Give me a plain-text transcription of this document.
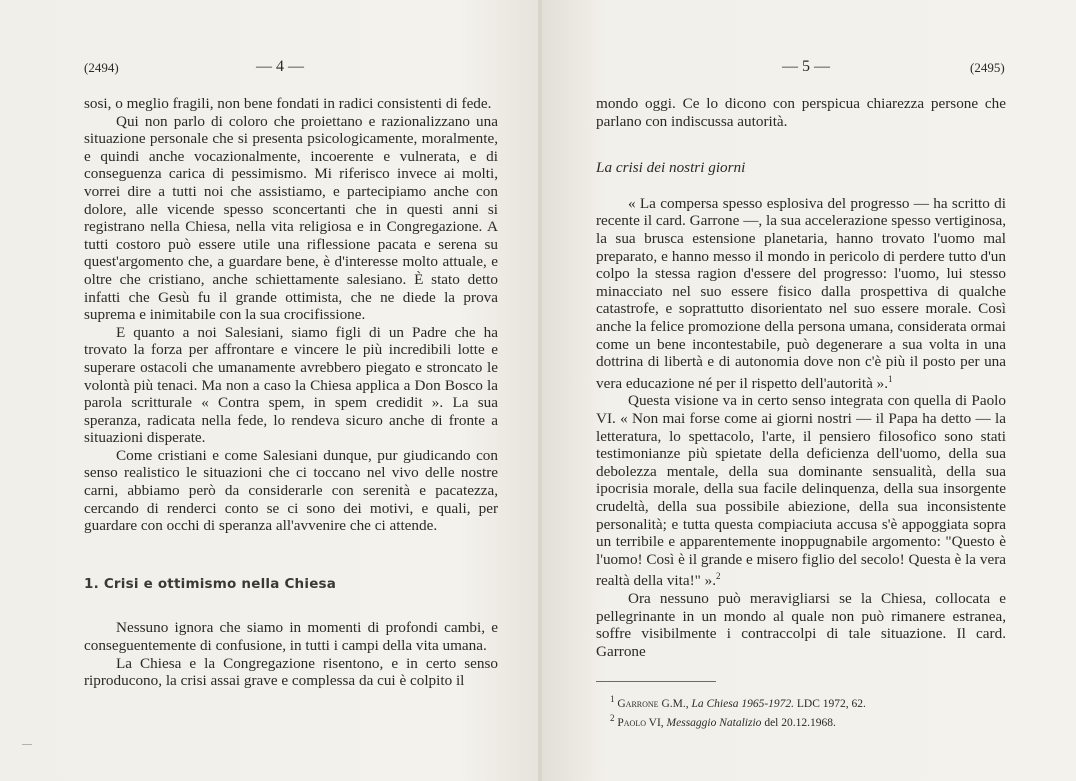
(2494)	— 4 —

sosi, o meglio fragili, non bene fondati in radici consistenti di fede.

Qui non parlo di coloro che proiettano e razionalizzano una situazione personale che si presenta psicologicamente, moralmente, e quindi anche vocazionalmente, incoerente e vulnerata, e di conseguenza carica di pessimismo. Mi riferisco invece ai molti, vorrei dire a tutti noi che assistiamo, e partecipiamo anche con dolore, alle vicende spesso sconcertanti che in questi anni si registrano nella Chiesa, nella vita religiosa e in Congregazione. A tutti costoro può essere utile una riflessione pacata e serena su quest'argomento che, a guardare bene, è d'interesse molto attuale, e oltre che cristiano, anche schiettamente salesiano. È stato detto infatti che Gesù fu il grande ottimista, che ne diede la prova suprema e inimitabile con la sua crocifissione.

E quanto a noi Salesiani, siamo figli di un Padre che ha trovato la forza per affrontare e vincere le più incredibili lotte e superare ostacoli che umanamente avrebbero piegato e stroncato le volontà più tenaci. Ma non a caso la Chiesa applica a Don Bosco la parola scritturale « Contra spem, in spem credidit ». La sua speranza, radicata nella fede, lo rendeva sicuro anche di fronte a situazioni disperate.

Come cristiani e come Salesiani dunque, pur giudicando con senso realistico le situazioni che ci toccano nel vivo delle nostre carni, abbiamo però da considerarle con serenità e pacatezza, cercando di renderci conto se ci sono dei motivi, e quali, per guardare con occhi di speranza all'avvenire che ci attende.

1. Crisi e ottimismo nella Chiesa

Nessuno ignora che siamo in momenti di profondi cambi, e conseguentemente di confusione, in tutti i campi della vita umana.

La Chiesa e la Congregazione risentono, e in certo senso riproducono, la crisi assai grave e complessa da cui è colpito il

— 5 —	(2495)

mondo oggi. Ce lo dicono con perspicua chiarezza persone che parlano con indiscussa autorità.

La crisi dei nostri giorni

« La compersa spesso esplosiva del progresso — ha scritto di recente il card. Garrone —, la sua accelerazione spesso vertiginosa, la sua brusca estensione planetaria, hanno trovato l'uomo mal preparato, e hanno messo il mondo in pericolo di perdere tutto d'un colpo la stessa ragion d'essere del progresso: l'uomo, lui stesso minacciato nel suo essere fisico dalla prospettiva di qualche catastrofe, e soprattutto disorientato nel suo essere morale. Così anche la felice promozione della persona umana, considerata ormai come un bene incontestabile, può degenerare a sua volta in una dottrina di libertà e di autonomia dove non c'è più il posto per una vera educazione né per il rispetto dell'autorità ».$^1$

Questa visione va in certo senso integrata con quella di Paolo VI. « Non mai forse come ai giorni nostri — il Papa ha detto — la letteratura, lo spettacolo, l'arte, il pensiero filosofico sono stati testimonianze più spietate della deficienza dell'uomo, della sua debolezza mentale, della sua dominante sensualità, della sua ipocrisia morale, della sua facile delinquenza, della sua insorgente crudeltà, della sua possibile abiezione, della sua inconsistente personalità; e tutta questa compiaciuta accusa s'è appoggiata sopra un terribile e apparentemente inoppugnabile argomento: "Questo è l'uomo! Così è il grande e misero figlio del secolo! Questa è la vera realtà della vita!" ».$^2$

Ora nessuno può meravigliarsi se la Chiesa, collocata e pellegrinante in un mondo al quale non può rimanere estranea, soffre visibilmente i contraccolpi di tale situazione. Il card. Garrone

$^1$ Garrone G.M., La Chiesa 1965-1972. LDC 1972, 62.
$^2$ Paolo VI, Messaggio Natalizio del 20.12.1968.
